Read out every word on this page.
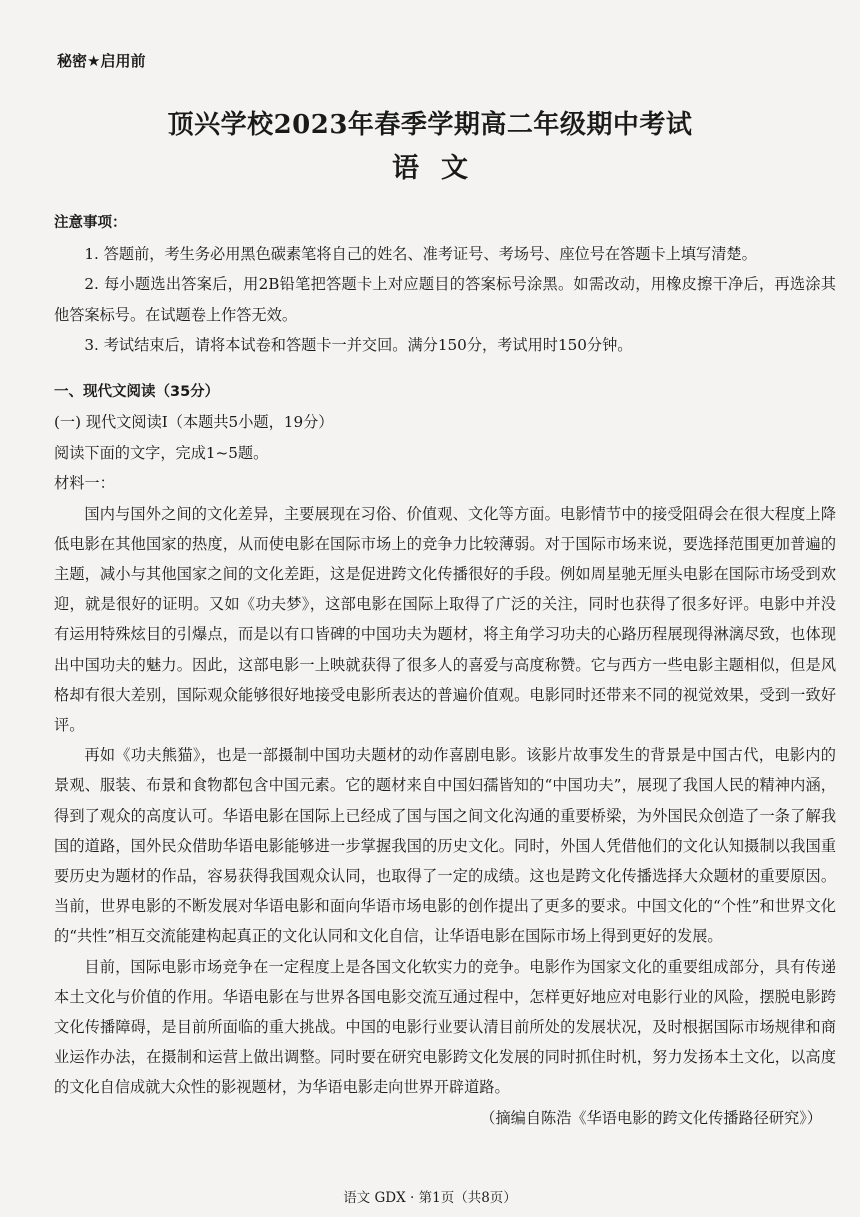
秘密★启用前
顶兴学校2023年春季学期高二年级期中考试
语文
注意事项：

1. 答题前，考生务必用黑色碳素笔将自己的姓名、准考证号、考场号、座位号在答题卡上填写清楚。

2. 每小题选出答案后，用2B铅笔把答题卡上对应题目的答案标号涂黑。如需改动，用橡皮擦干净后，再选涂其他答案标号。在试题卷上作答无效。

3. 考试结束后，请将本试卷和答题卡一并交回。满分150分，考试用时150分钟。

一、现代文阅读（35分）

(一) 现代文阅读Ⅰ（本题共5小题，19分）

阅读下面的文字，完成1~5题。

材料一：

国内与国外之间的文化差异，主要展现在习俗、价值观、文化等方面。电影情节中的接受阻碍会在很大程度上降低电影在其他国家的热度，从而使电影在国际市场上的竞争力比较薄弱。对于国际市场来说，要选择范围更加普遍的主题，减小与其他国家之间的文化差距，这是促进跨文化传播很好的手段。例如周星驰无厘头电影在国际市场受到欢迎，就是很好的证明。又如《功夫梦》，这部电影在国际上取得了广泛的关注，同时也获得了很多好评。电影中并没有运用特殊炫目的引爆点，而是以有口皆碑的中国功夫为题材，将主角学习功夫的心路历程展现得淋漓尽致，也体现出中国功夫的魅力。因此，这部电影一上映就获得了很多人的喜爱与高度称赞。它与西方一些电影主题相似，但是风格却有很大差别，国际观众能够很好地接受电影所表达的普遍价值观。电影同时还带来不同的视觉效果，受到一致好评。

再如《功夫熊猫》，也是一部摄制中国功夫题材的动作喜剧电影。该影片故事发生的背景是中国古代，电影内的景观、服装、布景和食物都包含中国元素。它的题材来自中国妇孺皆知的“中国功夫”，展现了我国人民的精神内涵，得到了观众的高度认可。华语电影在国际上已经成了国与国之间文化沟通的重要桥梁，为外国民众创造了一条了解我国的道路，国外民众借助华语电影能够进一步掌握我国的历史文化。同时，外国人凭借他们的文化认知摄制以我国重要历史为题材的作品，容易获得我国观众认同，也取得了一定的成绩。这也是跨文化传播选择大众题材的重要原因。当前，世界电影的不断发展对华语电影和面向华语市场电影的创作提出了更多的要求。中国文化的“个性”和世界文化的“共性”相互交流能建构起真正的文化认同和文化自信，让华语电影在国际市场上得到更好的发展。

目前，国际电影市场竞争在一定程度上是各国文化软实力的竞争。电影作为国家文化的重要组成部分，具有传递本土文化与价值的作用。华语电影在与世界各国电影交流互通过程中，怎样更好地应对电影行业的风险，摆脱电影跨文化传播障碍，是目前所面临的重大挑战。中国的电影行业要认清目前所处的发展状况，及时根据国际市场规律和商业运作办法，在摄制和运营上做出调整。同时要在研究电影跨文化发展的同时抓住时机，努力发扬本土文化，以高度的文化自信成就大众性的影视题材，为华语电影走向世界开辟道路。

（摘编自陈浩《华语电影的跨文化传播路径研究》）

语文 GDX · 第1页（共8页）
